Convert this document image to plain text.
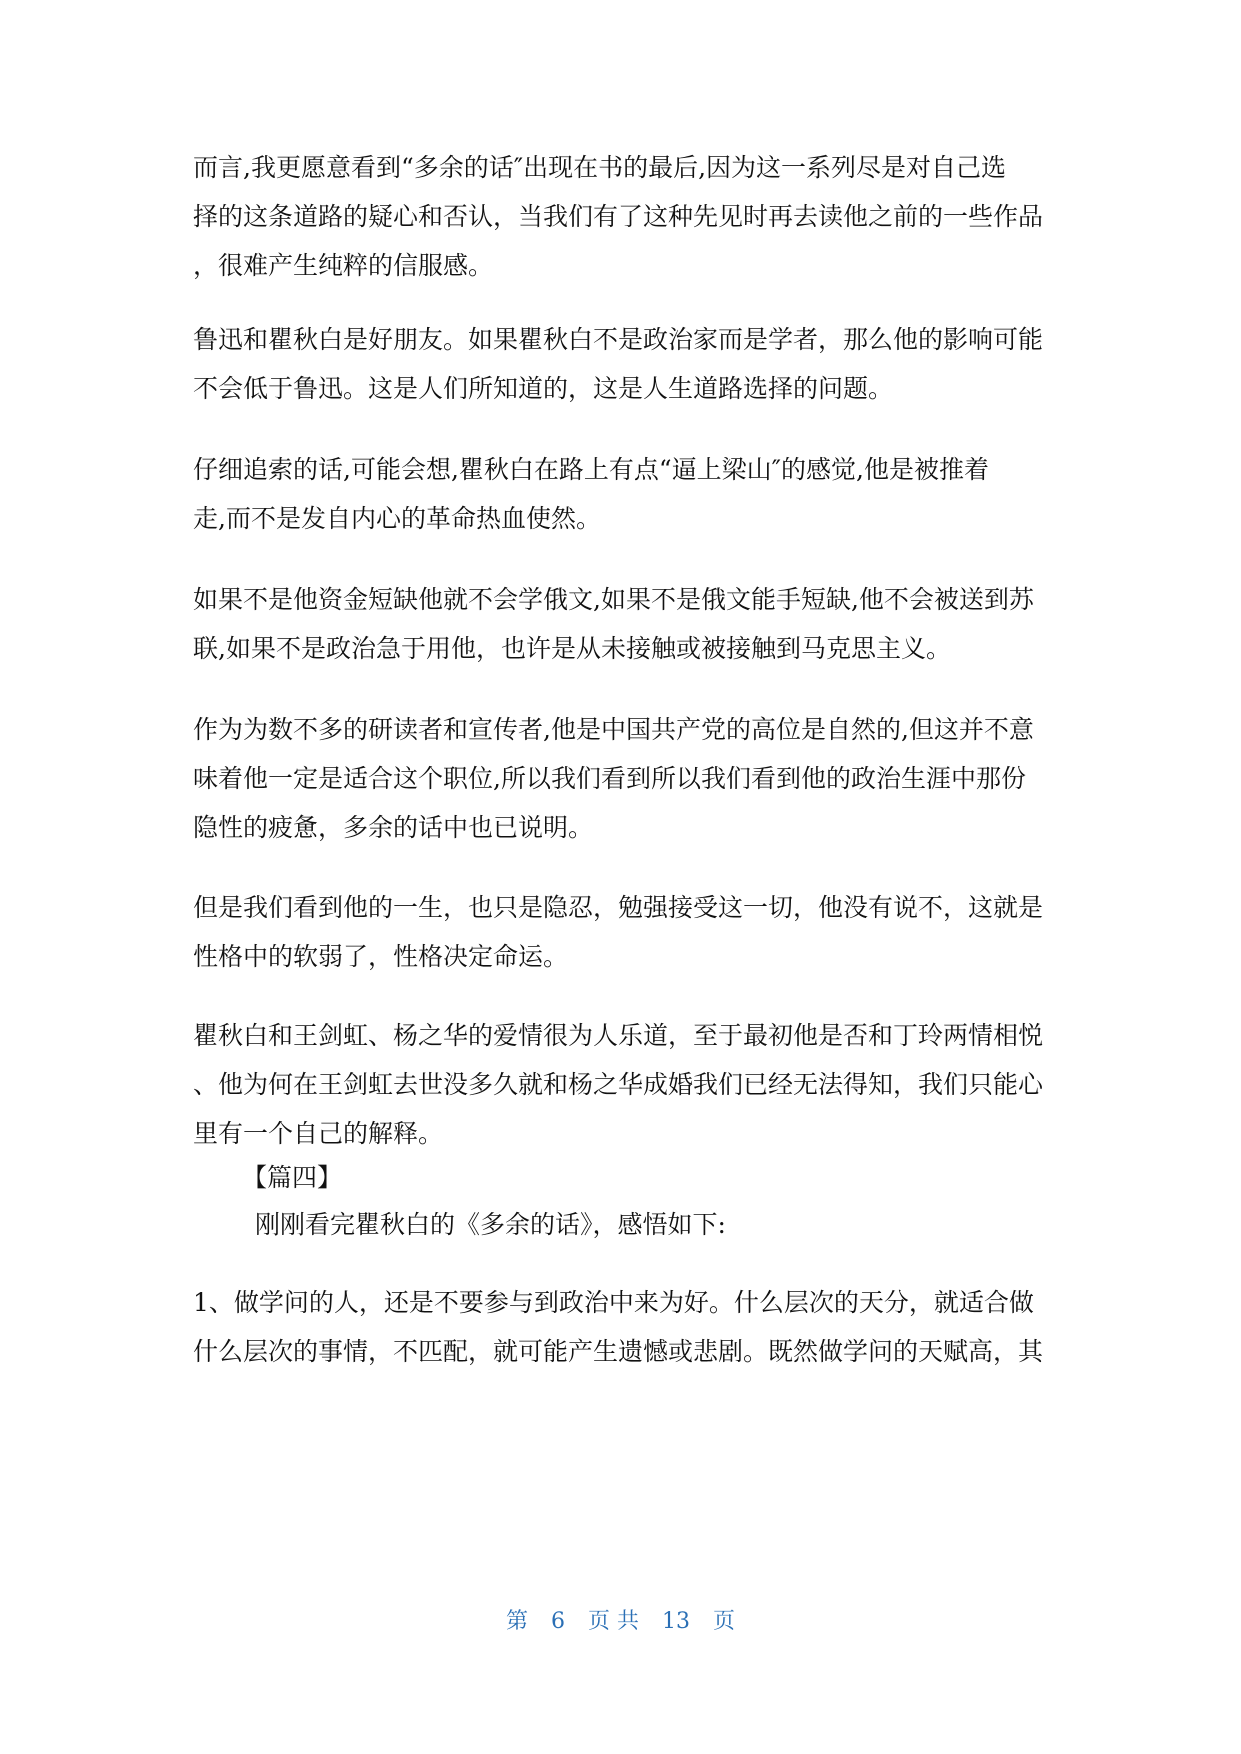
而言,我更愿意看到“多余的话″出现在书的最后,因为这一系列尽是对自己选
择的这条道路的疑心和否认，当我们有了这种先见时再去读他之前的一些作品
，很难产生纯粹的信服感。
鲁迅和瞿秋白是好朋友。如果瞿秋白不是政治家而是学者，那么他的影响可能
不会低于鲁迅。这是人们所知道的，这是人生道路选择的问题。
仔细追索的话,可能会想,瞿秋白在路上有点“逼上梁山″的感觉,他是被推着
走,而不是发自内心的革命热血使然。
如果不是他资金短缺他就不会学俄文,如果不是俄文能手短缺,他不会被送到苏
联,如果不是政治急于用他，也许是从未接触或被接触到马克思主义。
作为为数不多的研读者和宣传者,他是中国共产党的高位是自然的,但这并不意
味着他一定是适合这个职位,所以我们看到所以我们看到他的政治生涯中那份
隐性的疲惫，多余的话中也已说明。
但是我们看到他的一生，也只是隐忍，勉强接受这一切，他没有说不，这就是
性格中的软弱了，性格决定命运。
瞿秋白和王剑虹、杨之华的爱情很为人乐道，至于最初他是否和丁玲两情相悦
、他为何在王剑虹去世没多久就和杨之华成婚我们已经无法得知，我们只能心
里有一个自己的解释。
【篇四】
刚刚看完瞿秋白的《多余的话》，感悟如下:
1、做学问的人，还是不要参与到政治中来为好。什么层次的天分，就适合做
什么层次的事情，不匹配，就可能产生遗憾或悲剧。既然做学问的天赋高，其
第 6 页 共 13 页
